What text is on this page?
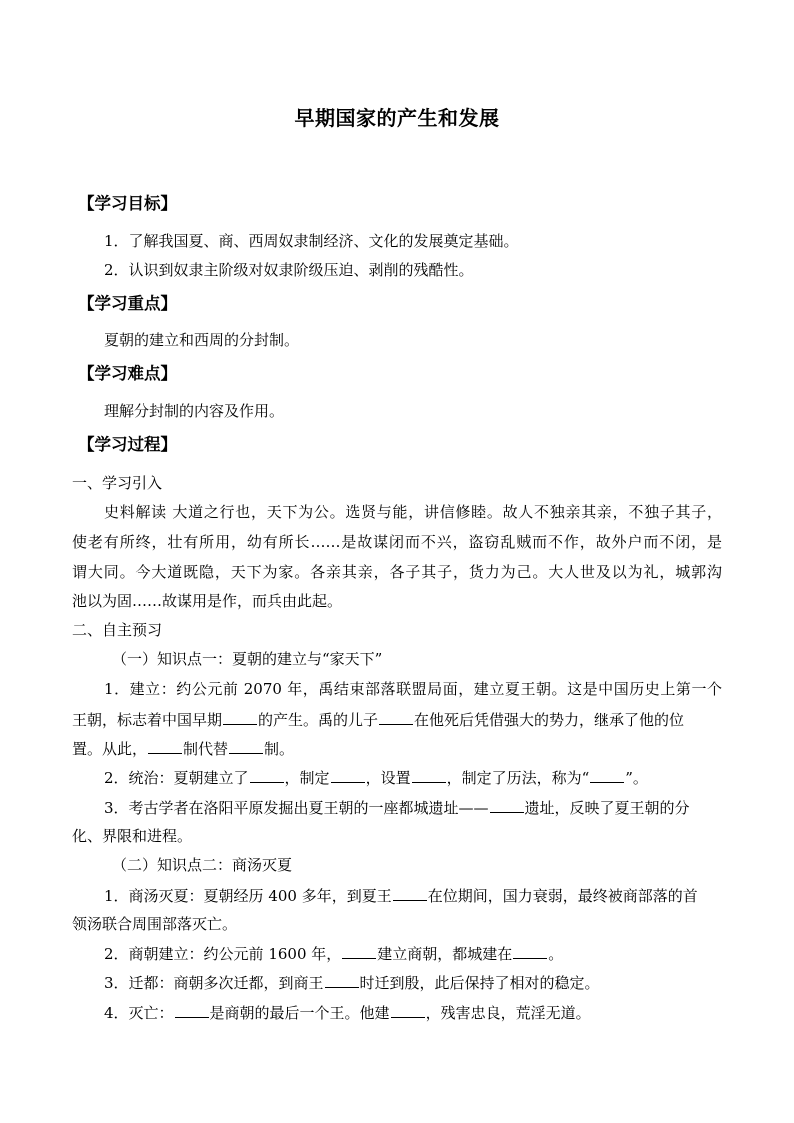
早期国家的产生和发展
【学习目标】
1．了解我国夏、商、西周奴隶制经济、文化的发展奠定基础。
2．认识到奴隶主阶级对奴隶阶级压迫、剥削的残酷性。
【学习重点】
夏朝的建立和西周的分封制。
【学习难点】
理解分封制的内容及作用。
【学习过程】
一、学习引入
史料解读 大道之行也，天下为公。选贤与能，讲信修睦。故人不独亲其亲，不独子其子，
使老有所终，壮有所用，幼有所长……是故谋闭而不兴，盗窃乱贼而不作，故外户而不闭，是
谓大同。今大道既隐，天下为家。各亲其亲，各子其子，货力为己。大人世及以为礼，城郭沟
池以为固……故谋用是作，而兵由此起。
二、自主预习
（一）知识点一：夏朝的建立与“家天下”
1．建立：约公元前 2070 年，禹结束部落联盟局面，建立夏王朝。这是中国历史上第一个
王朝，标志着中国早期 的产生。禹的儿子 在他死后凭借强大的势力，继承了他的位
置。从此， 制代替 制。
2．统治：夏朝建立了 ，制定 ，设置 ，制定了历法，称为“ ”。
3．考古学者在洛阳平原发掘出夏王朝的一座都城遗址—— 遗址，反映了夏王朝的分
化、界限和进程。
（二）知识点二：商汤灭夏
1．商汤灭夏：夏朝经历 400 多年，到夏王 在位期间，国力衰弱，最终被商部落的首
领汤联合周围部落灭亡。
2．商朝建立：约公元前 1600 年， 建立商朝，都城建在 。
3．迁都：商朝多次迁都，到商王 时迁到殷，此后保持了相对的稳定。
4．灭亡： 是商朝的最后一个王。他建 ，残害忠良，荒淫无道。
